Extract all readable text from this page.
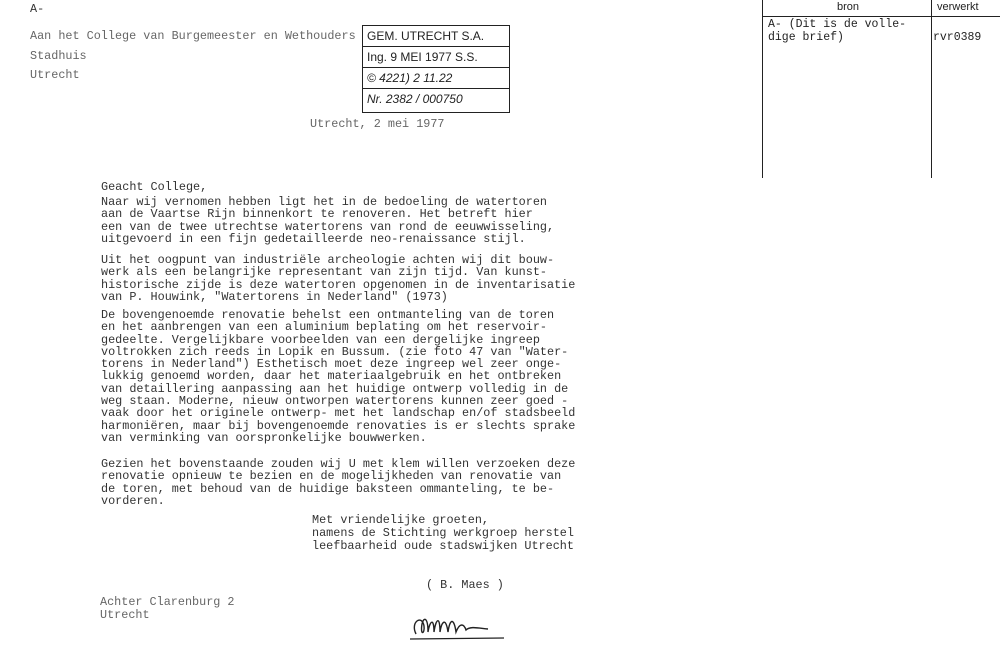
A-
Aan het College van Burgemeester en Wethouders
Stadhuis
Utrecht
GEM. UTRECHT S.A.
Ing. 9 MEI 1977 S.S.
© 4221) 2 11.22
Nr. 2382 / 000750
Utrecht, 2 mei 1977
Geacht College,
Naar wij vernomen hebben ligt het in de bedoeling de watertoren
aan de Vaartse Rijn binnenkort te renoveren. Het betreft hier
een van de twee utrechtse watertorens van rond de eeuwwisseling,
uitgevoerd in een fijn gedetailleerde neo-renaissance stijl.
Uit het oogpunt van industriële archeologie achten wij dit bouw-
werk als een belangrijke representant van zijn tijd. Van kunst-
historische zijde is deze watertoren opgenomen in de inventarisatie
van P. Houwink, "Watertorens in Nederland" (1973)
De bovengenoemde renovatie behelst een ontmanteling van de toren
en het aanbrengen van een aluminium beplating om het reservoir-
gedeelte. Vergelijkbare voorbeelden van een dergelijke ingreep
voltrokken zich reeds in Lopik en Bussum. (zie foto 47 van "Water-
torens in Nederland") Esthetisch moet deze ingreep wel zeer onge-
lukkig genoemd worden, daar het materiaalgebruik en het ontbreken
van detaillering aanpassing aan het huidige ontwerp volledig in de
weg staan. Moderne, nieuw ontworpen watertorens kunnen zeer goed -
vaak door het originele ontwerp- met het landschap en/of stadsbeeld
harmoniëren, maar bij bovengenoemde renovaties is er slechts sprake
van verminking van oorspronkelijke bouwwerken.
Gezien het bovenstaande zouden wij U met klem willen verzoeken deze
renovatie opnieuw te bezien en de mogelijkheden van renovatie van
de toren, met behoud van de huidige baksteen ommanteling, te be-
vorderen.
Met vriendelijke groeten,
namens de Stichting werkgroep herstel
leefbaarheid oude stadswijken Utrecht
( B. Maes )
Achter Clarenburg 2
Utrecht
bron	verwerkt
A- (Dit is de volle-
dige brief)	rvr0389
